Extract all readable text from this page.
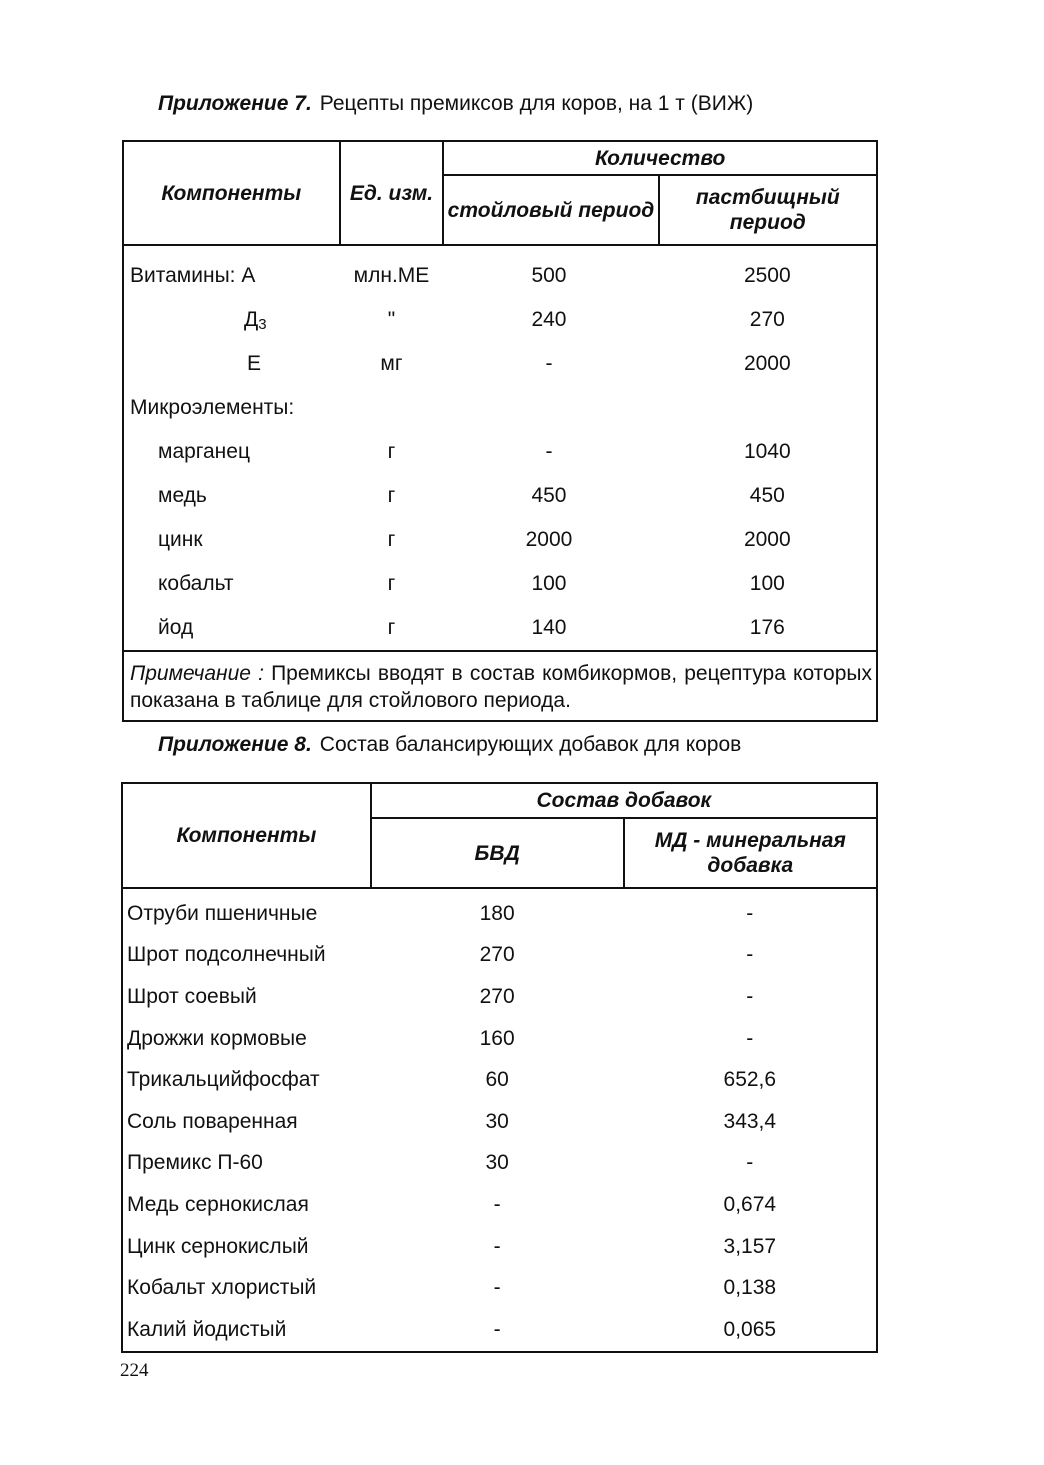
Приложение 7. Рецепты премиксов для коров, на 1 т (ВИЖ)
Компоненты	Ед. изм.	Количество	
		стойловый период	пастбищный период
Витамины: А	млн.МЕ	500	2500
$Д_3$	"	240	270
Е	мг	-	2000
Микроэлементы:			
марганец	г	-	1040
медь	г	450	450
цинк	г	2000	2000
кобальт	г	100	100
йод	г	140	176
Примечание : Премиксы вводят в состав комбикормов, рецептура которых показана в таблице для стойлового периода.			
Приложение 8. Состав балансирующих добавок для коров
Компоненты	Состав добавок	
	БВД	МД - минеральная добавка
Отруби пшеничные	180	-
Шрот подсолнечный	270	-
Шрот соевый	270	-
Дрожжи кормовые	160	-
Трикальцийфосфат	60	652,6
Соль поваренная	30	343,4
Премикс П-60	30	-
Медь сернокислая	-	0,674
Цинк сернокислый	-	3,157
Кобальт хлористый	-	0,138
Калий йодистый	-	0,065
224
